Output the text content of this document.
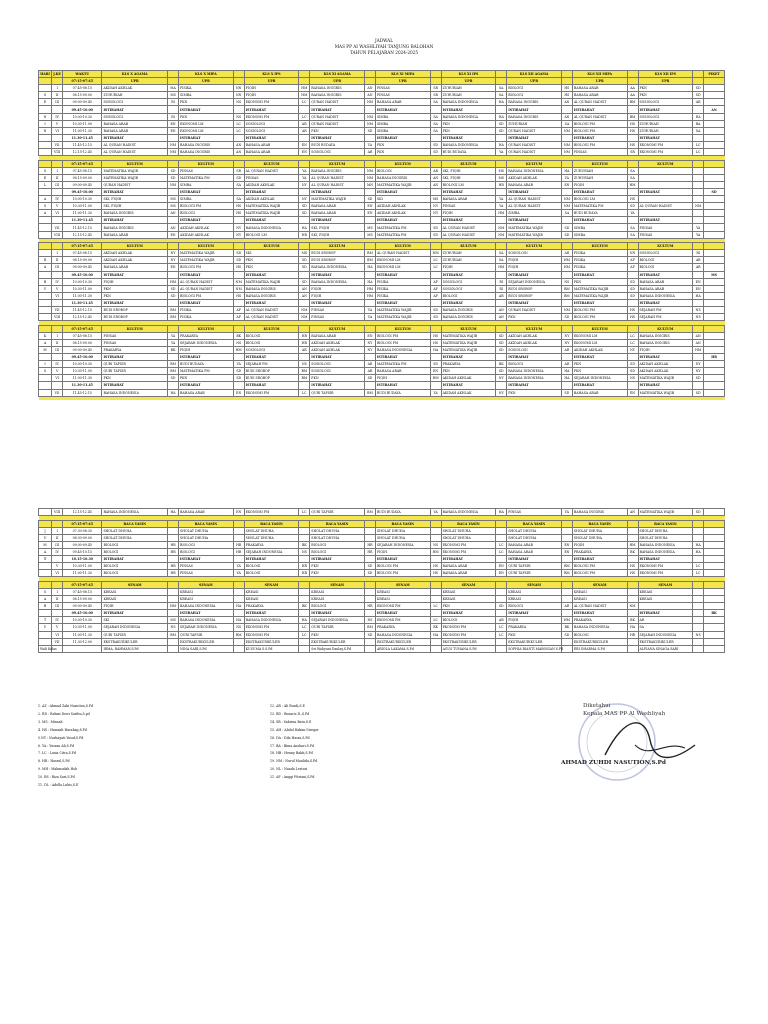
JADWAL
MAS PP AI WASHLIYAH TANJUNG BALOHAN
TAHUN PELAJARAN 2024-2025
HARI	J.KE	WAKTU	KLS X AGAMA		KLS X MIPA		KLS X IPS		KLS XI AGAMA		KLS XI MIPA		KLS XI IPS		KLS XII AGAMA		KLS XII MIPA		KLS XII IPS		PIKET
		07:15-07:45	UPR		UPR		UPR		UPR		UPR		UPR		UPR		UPR		UPR		
	I	07.45-08.15	AKIDAH AKHLAK	MA	FISIKA	NN	FIQIH	HM	BAHASA INGGRIS	AN	PINSAS	SR	ZUHURIAH	SA	BIOLOGI	HS	BAHASA ARAB	AA	PKN	SD	
S	II	08.15-09.00	ZUHURIAH	MS	SIMBA	NN	FIQIH	HM	BAHASA INGGRIS	AN	PINSAS	SR	ZUHURIAH	SA	BIOLOGI	HS	BAHASA ARAB	AA	PKN	SD	
E	III	09.00-09.45	SOSIOLOGI	RI	PKN	NS	EKONOMI PM	LC	QURAN HADIST	NM	BAHASA ARAB	SA	BAHASA INDONESIA	HA	BAHASA INGGRIS	AN	AL QURAN HADIST	BM	SOSIOLOGI	AR	
		09.45-10.00	ISTIRAHAT		ISTIRAHAT		ISTIRAHAT		ISTIRAHAT		ISTIRAHAT		ISTIRAHAT		ISTIRAHAT		ISTIRAHAT		ISTIRAHAT		AN
N	IV	10.00-10.30	SOSIOLOGI	RI	PKN	NS	EKONOMI PM	LC	QURAN HADIST	NM	SIMBA	SA	BAHASA INDONESIA	HA	BAHASA INGGRIS	AN	AL QURAN HADIST	BM	SOSIOLOGI	RA	
I	V	10.30-11.00	BAHASA ARAB	EN	EKONOMI LM	LC	SOSIOLOGI	AR	QURAN HADIST	NM	SIMBA	SA	PKN	SD	ZUHURIAH	SA	BIOLOGI PM	HS	ZUHURIAH	BA	
N	VI	11.00-11.30	BAHASA ARAB	EN	EKONOMI LM	LC	SOSIOLOGI	AR	PKN	SD	SIMBA	SA	PKN	SD	QURAN HADIST	NM	BIOLOGI PM	HS	ZUHURIAH	SA	
		11.30-11.45	ISTIRAHAT		ISTIRAHAT		ISTIRAHAT		ISTIRAHAT		ISTIRAHAT		ISTIRAHAT		ISTIRAHAT		ISTIRAHAT		ISTIRAHAT		
	VII	11.45-12.15	AL QURAN HADIST	NM	BAHASA INGGRIS	AN	BAHASA ARAB	EN	BUDI BUDAYA	YA	PKN	SD	BAHASA INDONESIA	HA	QURAN HADIST	NM	BIOLOGI PM	HS	EKONOMI PM	LC	
	VIII	12.15-12.45	AL QURAN HADIST	NM	BAHASA INGGRIS	AN	BAHASA ARAB	EN	SOSIOLOGI	AR	PKN	SD	BUDI BUDAYA	YA	QURAN HADIST	NM	PINSAS	SR	EKONOMI PM	LC	

		07:15-07:45	KULTUM		KULTUM		KULTUM		KULTUM		KULTUM		KULTUM		KULTUM		KULTUM		KULTUM		
S	I	07.45-08.15	MATEMATIKA WAJIB	SD	PINSAS	SR	AL QURAN HADIST	YA	BAHASA INGGRIS	NM	BIOLOGI	AR	SKI, FIQIH	MS	BAHASA INDONESIA	HA	ZUHURIAH	SA			
E	II	08.15-09.00	MATEMATIKA WAJIB	SD	MATEMATIKA PM	SD	PINSAS	YA	AL QURAN HADIST	NM	BAHASA INGGRIS	AN	SKI, FIQIH	MS	AKIDAH AKHLAK	YA	ZUHURIAH	SA			
L	III	09.00-09.45	QURAN HADIST	NM	SIMBA	SA	AKIDAH AKHLAK	NY	AL QURAN HADIST	MN	MATEMATIKA WAJIB	AN	BIOLOGI LM	HR	BAHASA ARAB	EN	FIQIH	HM			
		09.45-10.00	ISTIRAHAT		ISTIRAHAT		ISTIRAHAT		ISTIRAHAT		ISTIRAHAT		ISTIRAHAT		ISTIRAHAT		ISTIRAHAT		ISTIRAHAT		SD
A	IV	10.00-10.30	SKI, FIQIH	MS	SIMBA	SA	AKIDAH AKHLAK	NY	MATEMATIKA WAJIB	SD	SKI	MS	BAHASA ARAB	YA	AL QURAN HADIST	NM	BIOLOGI LM	HS			
S	V	10.30-11.00	SKI, FIQIH	MS	BIOLOGI PM	HS	MATEMATIKA WAJIB	SD	BAHASA ARAB	EN	AKIDAH AKHLAK	NY	PINSAS	YA	AL QURAN HADIST	NM	MATEMATIKA PM	SD	AL QURAN HADIST	NM	
A	VI	11.00-11.30	BAHASA INGGRIS	AN	BIOLOGI	HS	MATEMATIKA WAJIB	SD	BAHASA ARAB	EN	AKIDAH AKHLAK	NY	FIQIH	HM	SIMBA	SA	BUDI BUDAYA	YA			
		11.30-11.45	ISTIRAHAT		ISTIRAHAT		ISTIRAHAT		ISTIRAHAT		ISTIRAHAT		ISTIRAHAT		ISTIRAHAT		ISTIRAHAT		ISTIRAHAT		
	VII	11.45-12.15	BAHASA INGGRIS	AN	AKIDAH AKHLAK	NY	BAHASA INDONESIA	HA	SKI, FIQIH	MS	MATEMATIKA PM	SD	AL QURAN HADIST	NM	MATEMATIKA WAJIB	SD	SIMBA	SA	PINSAS	YA	
	VIII	12.15-12.45	BAHASA ARAB	EN	AKIDAH AKHLAK	NY	BIOLOGI LM	HR	SKI, FIQIH	MS	MATEMATIKA PM	SD	AL QURAN HADIST	NM	MATEMATIKA WAJIB	SD	SIMBA	SA	PINSAS	YA	

		07:15-07:45	KULTUM		KULTUM		KULTUM		KULTUM		KULTUM		KULTUM		KULTUM		KULTUM		KULTUM		
	I	07.45-08.15	AKIDAH AKHLAK	NY	MATEMATIKA WAJIB	SD	SKI	MS	BUDI SROBOP	BM	AL QURAN HADIST	NM	ZUHURIAH	SA	SOSIOLOGI	AR	FISIKA	NN	SOSIOLOGI	RI	
R	II	08.15-09.00	AKIDAH AKHLAK	NY	MATEMATIKA WAJIB	SD	PKN	SD	BUDI SROBOP	BM	EKONOMI LM	LC	ZUHURIAH	SA	FIQIH	HM	FISIKA	AF	BIOLOGI	AR	
A	III	09.00-09.45	BAHASA ARAB	EN	BIOLOGI PM	HS	PKN	SD	BAHASA INDONESIA	HA	EKONOMI LM	LC	FIQIH	HM	FIQIH	HM	FISIKA	AF	BIOLOGI	AR	
		09.45-10.00	ISTIRAHAT		ISTIRAHAT		ISTIRAHAT		ISTIRAHAT		ISTIRAHAT		ISTIRAHAT		ISTIRAHAT		ISTIRAHAT		ISTIRAHAT		MS
B	IV	10.00-10.30	FIQIH	HM	AL QURAN HADIST	NM	MATEMATIKA WAJIB	SD	BAHASA INDONESIA	HA	FISIKA	AF	SOSIOLOGI	RI	SEJARAH INDONESIA	NS	PKN	SD	BAHASA ARAB	EN	
U	V	10.30-11.00	PKN	SD	AL QURAN HADIST	NM	BAHASA INGGRIS	AN	FIQIH	HM	FISIKA	AF	SOSIOLOGI	RI	BUDI SROBOP	BM	MATEMATIKA WAJIB	SD	BAHASA ARAB	EN	
	VI	11.00-11.30	PKN	SD	BIOLOGI PM	HS	BAHASA INGGRIS	AN	FIQIH	HM	FISIKA	AF	BIOLOGI	AR	BUDI SROBOP	BM	MATEMATIKA WAJIB	SD	BAHASA INDONESIA	HA	
		11.30-11.45	ISTIRAHAT		ISTIRAHAT		ISTIRAHAT		ISTIRAHAT		ISTIRAHAT		ISTIRAHAT		ISTIRAHAT		ISTIRAHAT		ISTIRAHAT		
	VII	11.45-12.15	BUDI SROBOP	BM	FISIKA	AF	AL QURAN HADIST	NM	PINSAS	YA	MATEMATIKA WAJIB	SD	BAHASA INGGRIS	AN	QURAN HADIST	NM	BIOLOGI PM	HS	SEJARAH PM	NS	
	VIII	12.15-12.45	BUDI SROBOP	BM	FISIKA	AF	AL QURAN HADIST	NM	PINSAS	YA	MATEMATIKA WAJIB	SD	BAHASA INGGRIS	AN	PKN	SD	BIOLOGI PM	HS	SEJARAH PM	NS	

		07:15-07:45	KULTUM		KULTUM		KULTUM		KULTUM		KULTUM		KULTUM		KULTUM		KULTUM		KULTUM		
K	I	07.45-08.15	PINSAS	YA	PRAKARYA	BK	BIOLOGI	HR	BAHASA ARAB	EN	BIOLOGI PM	HS	MATEMATIKA WAJIB	SD	AKIDAH AKHLAK	NY	EKONOMI LM	LC	BAHASA INGGRIS	AN	
A	II	08.15-09.00	PINSAS	YA	SEJARAH INDONESIA	NS	BIOLOGI	HR	AKIDAH AKHLAK	NY	BIOLOGI PM	HS	MATEMATIKA WAJIB	SD	AKIDAH AKHLAK	NY	EKONOMI LM	LC	BAHASA INGGRIS	AN	
M	III	09.00-09.45	PRAKARYA	BK	FIQIH	HM	SOSIOLOGI	AR	AKIDAH AKHLAK	NY	BAHASA INDONESIA	HA	MATEMATIKA WAJIB	SD	SOSIOLOGI	AR	AKIDAH AKHLAK	NY	FIQIH	HM	
		09.45-10.00	ISTIRAHAT		ISTIRAHAT		ISTIRAHAT		ISTIRAHAT		ISTIRAHAT		ISTIRAHAT		ISTIRAHAT		ISTIRAHAT		ISTIRAHAT		HR
I	IV	10.00-10.30	QURI TAFSIR	BM	BUDI BUDAYA	YA	SEJARAH PM	NS	SOSIOLOGI	AR	MATEMATIKA PM	SD	PRAKARYA	BK	BIOLOGI	AR	PKN	SD	AKIDAH AKHLAK	NY	
S	V	10.30-11.00	QURI TAFSIR	BM	MATEMATIKA PM	SD	BUDI SROBOP	BM	SOSIOLOGI	AR	BAHASA ARAB	EN	PKN	SD	BAHASA INDONESIA	HA	PKN	SD	AKIDAH AKHLAK	NY	
	VI	11.00-11.30	PKN	SD	PKN	SD	BUDI SROBOP	BM	PKN	SD	FIQIH	HM	AKIDAH AKHLAK	NY	BAHASA INDONESIA	HA	SEJARAH INDONESIA	NS	MATEMATIKA WAJIB	SD	
		11.30-11.45	ISTIRAHAT		ISTIRAHAT		ISTIRAHAT		ISTIRAHAT		ISTIRAHAT		ISTIRAHAT		ISTIRAHAT		ISTIRAHAT		ISTIRAHAT		
	VII	11.45-12.15	BAHASA INDONESIA	HA	BAHASA ARAB	EN	EKONOMI PM	LC	QURI TAFSIR	BM	BUDI BUDAYA	YA	AKIDAH AKHLAK	NY	PKN	SD	BAHASA ARAB	EN	MATEMATIKA WAJIB	SD	

	VIII	12.15-12.45	BAHASA INDONESIA	HA	BAHASA ARAB	EN	EKONOMI PM	LC	QURI TAFSIR	BM	BUDI BUDAYA	YA	BAHASA INDONESIA	HA	PINSAS	YA	BAHASA INGGRIS	AN	MATEMATIKA WAJIB	SD	

		07:15-07:45	BACA YASIN		BACA YASIN		BACA YASIN		BACA YASIN		BACA YASIN		BACA YASIN		BACA YASIN		BACA YASIN		BACA YASIN		
J	I	07.30-08.30	SHOLAT DHUHA		SHOLAT DHUHA		SHOLAT DHUHA		SHOLAT DHUHA		SHOLAT DHUHA		SHOLAT DHUHA		SHOLAT DHUHA		SHOLAT DHUHA		SHOLAT DHUHA		
U	II	08.30-09.00	SHOLAT DHUHA		SHOLAT DHUHA		SHOLAT DHUHA		SHOLAT DHUHA		SHOLAT DHUHA		SHOLAT DHUHA		SHOLAT DHUHA		SHOLAT DHUHA		SHOLAT DHUHA		
M	III	09.00-09.45	BIOLOGI	HR	BIOLOGI	HR	PRAKARYA	BK	BIOLOGI	HR	SEJARAH INDONESIA	NS	EKONOMI PM	LC	BAHASA ARAB	EN	FIQIH	HM	BAHASA INDONESIA	HA	
A	IV	09.45-10.15	BIOLOGI	HR	BIOLOGI	HR	SEJARAH INDONESIA	NS	BIOLOGI	HR	FIQIH	HM	EKONOMI PM	LC	BAHASA ARAB	EN	PRAKARYA	BK	BAHASA INDONESIA	HA	
T		10.15-10.30	ISTIRAHAT		ISTIRAHAT		ISTIRAHAT		ISTIRAHAT		ISTIRAHAT		ISTIRAHAT		ISTIRAHAT		ISTIRAHAT		ISTIRAHAT		
	V	10.30-11.00	BIOLOGI	HR	PINSAS	YA	BIOLOGI	HR	PKN	SD	BIOLOGI PM	HS	BAHASA ARAB	EN	QURI TAFSIR	BM	BIOLOGI PM	HS	EKONOMI PM	LC	
	VI	11.00-11.30	BIOLOGI	HR	PINSAS	YA	BIOLOGI	HR	PKN	SD	BIOLOGI PM	HS	BAHASA ARAB	EN	QURI TAFSIR	BM	BIOLOGI PM	HS	EKONOMI PM	LC	

		07:15-07:45	SENAM		SENAM		SENAM		SENAM		SENAM		SENAM		SENAM		SENAM		SENAM		
S	I	07.45-08.15	KREASI		KREASI		KREASI		KREASI		KREASI		KREASI		KREASI		KREASI		KREASI		
A	II	08.15-09.00	KREASI		KREASI		KREASI		KREASI		KREASI		KREASI		KREASI		KREASI		KREASI		
B	III	09.00-09.45	FIQIH	HM	BAHASA INDONESIA	HA	PRAKARYA	BK	BIOLOGI	HR	EKONOMI PM	LC	PKN	SD	BIOLOGI	AR	AL QURAN HADIST	NM			
		09.45-10.00	ISTIRAHAT		ISTIRAHAT		ISTIRAHAT		ISTIRAHAT		ISTIRAHAT		ISTIRAHAT		ISTIRAHAT		ISTIRAHAT		ISTIRAHAT		BK
T	IV	10.00-10.30	SKI	MS	BAHASA INDONESIA	HA	BAHASA INDONESIA	HA	SEJARAH INDONESIA	NS	EKONOMI PM	LC	BIOLOGI	AR	FIQIH	HM	PRAKARYA	BK	AR		
U	V	10.30-11.00	SEJARAH INDONESIA	NS	SEJARAH INDONESIA	NS	EKONOMI PM	LC	QURI TAFSIR	BM	PRAKARYA	BK	EKONOMI PM	LC	PRAKARYA	BK	BAHASA INDONESIA	HA	SA		
	VI	11.00-11.30	QURI TAFSIR	BM	QURI TAFSIR	BM	EKONOMI PM	LC	PKN	SD	BAHASA INDONESIA	HA	EKONOMI PM	LC	PKN	SD	BIOLOGI	HR	SEJARAH INDONESIA	NS	
	VII	11.30-12.00	EKSTRAKURIKULER		EKSTRAKURIKULER		EKSTRAKURIKULER		EKSTRAKURIKULER		EKSTRAKURIKULER		EKSTRAKURIKULER		EKSTRAKURIKULER		EKSTRAKURIKULER		EKSTRAKURIKULER		
Wali Kelas			IRMA, RAHMAN,S.Pd		NINA SARI,S.Pd		KUSUMA S.S.Pd		Sri Wahyuni Daulay,S.Pd		ARIOLA LAKAMA S.Pd		AGUS TUHANA S.Pd		SOPHIA RIANTI MAROSIAN S.Pd		ERI DHARMA S.Pd		ALFIANA SINAGA SARI		
1. AZ : Ahmad Zaki Nasution,S.Pd
2. RD : Rahmi Dewi Saribu,S.pd
3. MS : Misnah
4. HS : Hamzah Harahap,S.Pd
5.NY : Nurhayati Yusuf,S.Pd
6. YA : Yusran Ali,S.Pd
7. LC : Lusia Citra,S.Pd
8. HR : Hasrul,S.Pd
9. MH : Mahmudah Hsb
10. RS : Riza Sari,S.Pd
11. DL : Adella Lubis,S.E
12. AR : Ali Rusdi,S.E
13. BD : Bonaris D.,S.Pd
14. SB : Sabrina Batu,S.E
15. AH : Abdul Hakim Siregar
16. DA : Dila Hasra,S.Pd
17. BA : Bima Anshari,S.Pd
18. HB : Henny Bakti,S.Pd
19. NM : Nurul Maulida,S.Pd
20. NL : Nanda Lestari
21. AF : Anggi Fitriani,S.Pd
Diketahui
Kepala MAS PP Al Washliyah
AHMAD ZUHDI NASUTION,S.Pd
